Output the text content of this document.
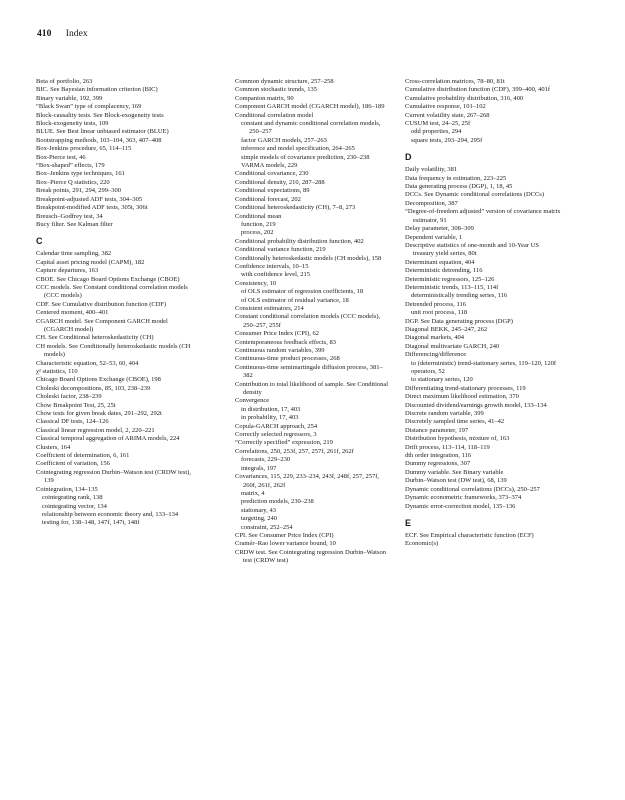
410 Index
Beta of portfolio, 263
BIC. See Bayesian information criterion (BIC)
Binary variable, 192, 399
“Black Swan” type of complacency, 169
Block-causality tests. See Block-exogeneity tests
Block-exogeneity tests, 109
BLUE. See Best linear unbiased estimator (BLUE)
Bootstrapping methods, 103–104, 363, 407–408
Box-Jenkins procedure, 65, 114–115
Box-Pierce test, 46
“Box-shaped” effects, 179
Box–Jenkins type techniques, 161
Box–Pierce Q statistics, 220
Break points, 291, 294, 299–300
Breakpoint-adjusted ADF tests, 304–305
Breakpoint-modified ADF tests, 305t, 306t
Breusch–Godfrey test, 34
Bucy filter. See Kalman filter
C
Calendar time sampling, 382
Capital asset pricing model (CAPM), 182
Capture departures, 163
CBOE. See Chicago Board Options Exchange (CBOE)
CCC models. See Constant conditional correlation models (CCC models)
CDF. See Cumulative distribution function (CDF)
Centered moment, 400–401
CGARCH model. See Component GARCH model (CGARCH model)
CH. See Conditional heteroskedasticity (CH)
CH models. See Conditionally heteroskedastic models (CH models)
Characteristic equation, 52–53, 60, 404
χ² statistics, 110
Chicago Board Options Exchange (CBOE), 198
Choleski decompositions, 85, 103, 238–239
Choleski factor, 238–239
Chow Breakpoint Test, 25, 25t
Chow tests for given break dates, 291–292, 292t
Classical DF tests, 124–126
Classical linear regression model, 2, 220–221
Classical temporal aggregation of ARIMA models, 224
Clusters, 164
Coefficient of determination, 6, 161
Coefficient of variation, 156
Cointegrating regression Durbin–Watson test (CRDW test), 139
Cointegration, 134–135
cointegrating rank, 138
cointegrating vector, 134
relationship between economic theory and, 133–134
testing for, 138–148, 147f, 147t, 148f
Common dynamic structure, 257–258
Common stochastic trends, 135
Companion matrix, 90
Component GARCH model (CGARCH model), 186–189
Conditional correlation model
constant and dynamic conditional correlation models, 250–257
factor GARCH models, 257–263
inference and model specification, 264–265
simple models of covariance prediction, 230–238
VARMA models, 229
Conditional covariance, 230
Conditional density, 210, 287–288
Conditional expectations, 89
Conditional forecast, 202
Conditional heteroskedasticity (CH), 7–8, 273
Conditional mean
function, 219
process, 202
Conditional probability distribution function, 402
Conditional variance function, 219
Conditionally heteroskedastic models (CH models), 158
Confidence intervals, 10–15
with confidence level, 215
Consistency, 10
of OLS estimator of regression coefficients, 18
of OLS estimator of residual variance, 18
Consistent estimators, 214
Constant conditional correlation models (CCC models), 250–257, 255f
Consumer Price Index (CPI), 62
Contemporaneous feedback effects, 83
Continuous random variables, 399
Continuous-time product processes, 268
Continuous-time semimartingale diffusion process, 381–382
Contribution to total likelihood of sample. See Conditional density
Convergence
in distribution, 17, 403
in probability, 17, 403
Copula-GARCH approach, 254
Correctly selected regressors, 3
“Correctly specified” expression, 219
Correlations, 250, 253f, 257, 257f, 261f, 262f
forecasts, 229–230
integrals, 197
Covariances, 115, 229, 233–234, 243f, 248f, 257, 257f, 260f, 261f, 262f
matrix, 4
prediction models, 230–238
stationary, 43
targeting, 240
constraint, 252–254
CPI. See Consumer Price Index (CPI)
Cramér–Rao lower variance bound, 10
CRDW test. See Cointegrating regression Durbin–Watson test (CRDW test)
Cross-correlation matrices, 78–80, 81t
Cumulative distribution function (CDF), 399–400, 401f
Cumulative probability distribution, 316, 400
Cumulative response, 101–102
Current volatility state, 267–268
CUSUM test, 24–25, 25f
odd properties, 294
square tests, 293–294, 295f
D
Daily volatility, 381
Data frequency in estimation, 223–225
Data generating process (DGP), 1, 18, 45
DCCs. See Dynamic conditional correlations (DCCs)
Decomposition, 387
“Degree-of-freedom adjusted” version of covariance matrix estimator, 91
Delay parameter, 308–309
Dependent variable, 1
Descriptive statistics of one-month and 10-Year US treasury yield series, 80t
Determinant equation, 404
Deterministic detrending, 116
Deterministic regressors, 125–126
Deterministic trends, 113–115, 114f
deterministically trending series, 116
Detrended process, 116
unit root process, 118
DGP. See Data generating process (DGP)
Diagonal BEKK, 245–247, 262
Diagonal markets, 404
Diagonal multivariate GARCH, 240
Differencing/difference
to (deterministic) trend-stationary series, 119–120, 120f
operators, 52
to stationary series, 120
Differentiating trend-stationary processes, 119
Direct maximum likelihood estimation, 370
Discounted dividend/earnings growth model, 133–134
Discrete random variable, 399
Discretely sampled time series, 41–42
Distance parameter, 197
Distribution hypothesis, mixture of, 163
Drift process, 113–114, 118–119
dth order integration, 116
Dummy regressions, 307
Dummy variable. See Binary variable
Durbin–Watson test (DW test), 68, 139
Dynamic conditional correlations (DCCs), 250–257
Dynamic econometric frameworks, 373–374
Dynamic error-correction model, 135–136
E
ECF. See Empirical characteristic function (ECF)
Economic(s)
